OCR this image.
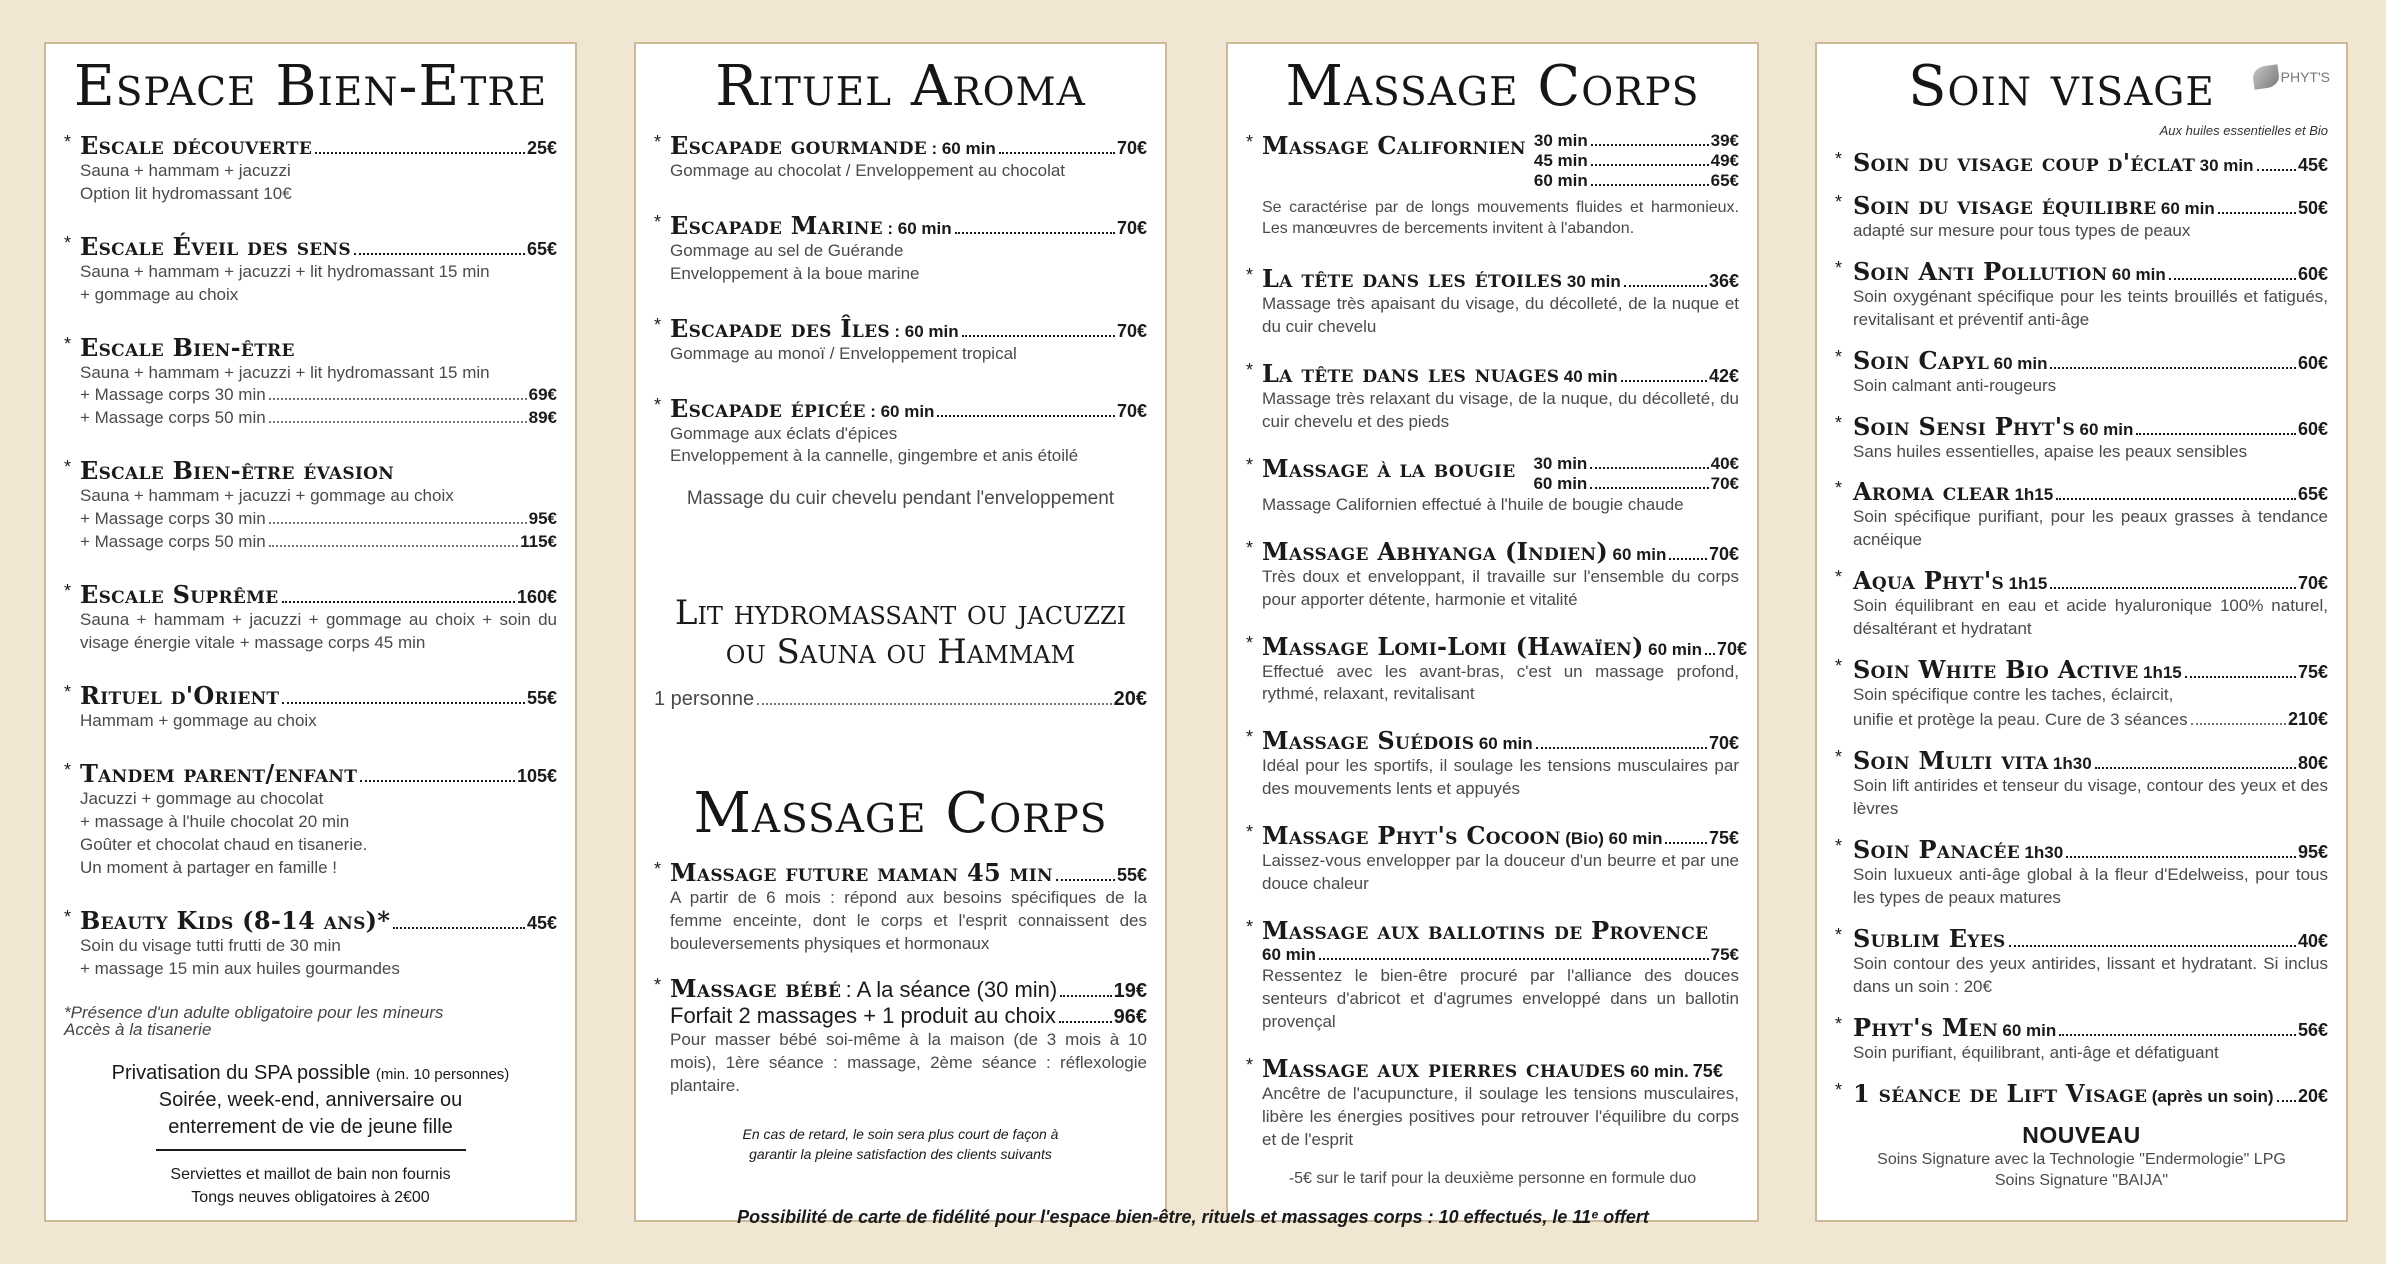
Espace Bien-Etre
* Escale découverte	25€
Sauna + hammam + jacuzzi
Option lit hydromassant 10€
* Escale Éveil des sens	65€
Sauna + hammam + jacuzzi + lit hydromassant 15 min
+ gommage au choix
* Escale Bien-être
Sauna + hammam + jacuzzi + lit hydromassant 15 min
+ Massage corps 30 min	69€
+ Massage corps 50 min	89€
* Escale Bien-être évasion
Sauna + hammam + jacuzzi + gommage au choix
+ Massage corps 30 min	95€
+ Massage corps 50 min	115€
* Escale Suprême	160€
Sauna + hammam + jacuzzi + gommage au choix + soin du visage énergie vitale + massage corps 45 min
* Rituel d'Orient	55€
Hammam + gommage au choix
* Tandem parent/enfant	105€
Jacuzzi + gommage au chocolat
+ massage à l'huile chocolat 20 min
Goûter et chocolat chaud en tisanerie.
Un moment à partager en famille !
* Beauty Kids (8-14 ans)*	45€
Soin du visage tutti frutti de 30 min
+ massage 15 min aux huiles gourmandes
*Présence d'un adulte obligatoire pour les mineurs
Accès à la tisanerie
Privatisation du SPA possible (min. 10 personnes)
Soirée, week-end, anniversaire ou
enterrement de vie de jeune fille
Serviettes et maillot de bain non fournis
Tongs neuves obligatoires à 2€00
Rituel Aroma
* Escapade gourmande
: 60 min	70€
Gommage au chocolat / Enveloppement au chocolat
* Escapade Marine
: 60 min	70€
Gommage au sel de Guérande
Enveloppement à la boue marine
* Escapade des Îles
: 60 min	70€
Gommage au monoï / Enveloppement tropical
* Escapade épicée
: 60 min	70€
Gommage aux éclats d'épices
Enveloppement à la cannelle, gingembre et anis étoilé
Massage du cuir chevelu pendant l'enveloppement
Lit hydromassant ou jacuzzi
ou Sauna ou Hammam
1 personne	20€
Massage Corps
* Massage future maman 45 min	55€
A partir de 6 mois : répond aux besoins spécifiques de la femme enceinte, dont le corps et l'esprit connaissent des bouleversements physiques et hormonaux
* Massage bébé
: A la séance (30 min)	19€
Forfait 2 massages + 1 produit au choix	96€
Pour masser bébé soi-même à la maison (de 3 mois à 10 mois), 1ère séance : massage, 2ème séance : réflexologie plantaire.
En cas de retard, le soin sera plus court de façon à
garantir la pleine satisfaction des clients suivants
Massage Corps
* Massage Californien 30 min	39€
45 min	49€
60 min	65€
Se caractérise par de longs mouvements fluides et harmonieux. Les manœuvres de bercements invitent à l'abandon.
* La tête dans les étoiles
30 min	36€
Massage très apaisant du visage, du décolleté, de la nuque et du cuir chevelu
* La tête dans les nuages
40 min	42€
Massage très relaxant du visage, de la nuque, du décolleté, du cuir chevelu et des pieds
* Massage à la bougie 30 min	40€
60 min	70€
Massage Californien effectué à l'huile de bougie chaude
* Massage Abhyanga (Indien)
60 min 70€
Très doux et enveloppant, il travaille sur l'ensemble du corps pour apporter détente, harmonie et vitalité
* Massage Lomi-Lomi (Hawaïen)
60 min 70€
Effectué avec les avant-bras, c'est un massage profond, rythmé, relaxant, revitalisant
* Massage Suédois
60 min	70€
Idéal pour les sportifs, il soulage les tensions musculaires par des mouvements lents et appuyés
* Massage Phyt's Cocoon
(Bio) 60 min	75€
Laissez-vous envelopper par la douceur d'un beurre et par une douce chaleur
* Massage aux ballotins de Provence
60 min	75€
Ressentez le bien-être procuré par l'alliance des douces senteurs d'abricot et d'agrumes enveloppé dans un ballotin provençal
* Massage aux pierres chaudes
60 min. 75€
Ancêtre de l'acupuncture, il soulage les tensions musculaires, libère les énergies positives pour retrouver l'équilibre du corps et de l'esprit
-5€ sur le tarif pour la deuxième personne en formule duo
Soin visage	PHYT'S
Aux huiles essentielles et Bio
* Soin du visage coup d'éclat
30 min 45€
* Soin du visage équilibre
60 min	50€
adapté sur mesure pour tous types de peaux
* Soin Anti Pollution
60 min	60€
Soin oxygénant spécifique pour les teints brouillés et fatigués, revitalisant et préventif anti-âge
* Soin Capyl
60 min	60€
Soin calmant anti-rougeurs
* Soin Sensi Phyt's
60 min	60€
Sans huiles essentielles, apaise les peaux sensibles
* Aroma clear
1h15	65€
Soin spécifique purifiant, pour les peaux grasses à tendance acnéique
* Aqua Phyt's
1h15	70€
Soin équilibrant en eau et acide hyaluronique 100% naturel, désaltérant et hydratant
* Soin White Bio Active
1h15	75€
Soin spécifique contre les taches, éclaircit,
unifie et protège la peau. Cure de 3 séances	210€
* Soin Multi vita
1h30	80€
Soin lift antirides et tenseur du visage, contour des yeux et des lèvres
* Soin Panacée
1h30	95€
Soin luxueux anti-âge global à la fleur d'Edelweiss, pour tous les types de peaux matures
* Sublim Eyes	40€
Soin contour des yeux antirides, lissant et hydratant. Si inclus dans un soin : 20€
* Phyt's Men
60 min	56€
Soin purifiant, équilibrant, anti-âge et défatiguant
* 1 séance de Lift Visage
(après un soin) 20€
NOUVEAU
Soins Signature avec la Technologie "Endermologie" LPG
Soins Signature "BAIJA"
Possibilité de carte de fidélité pour l'espace bien-être, rituels et massages corps : 10 effectués, le 11ᵉ offert
